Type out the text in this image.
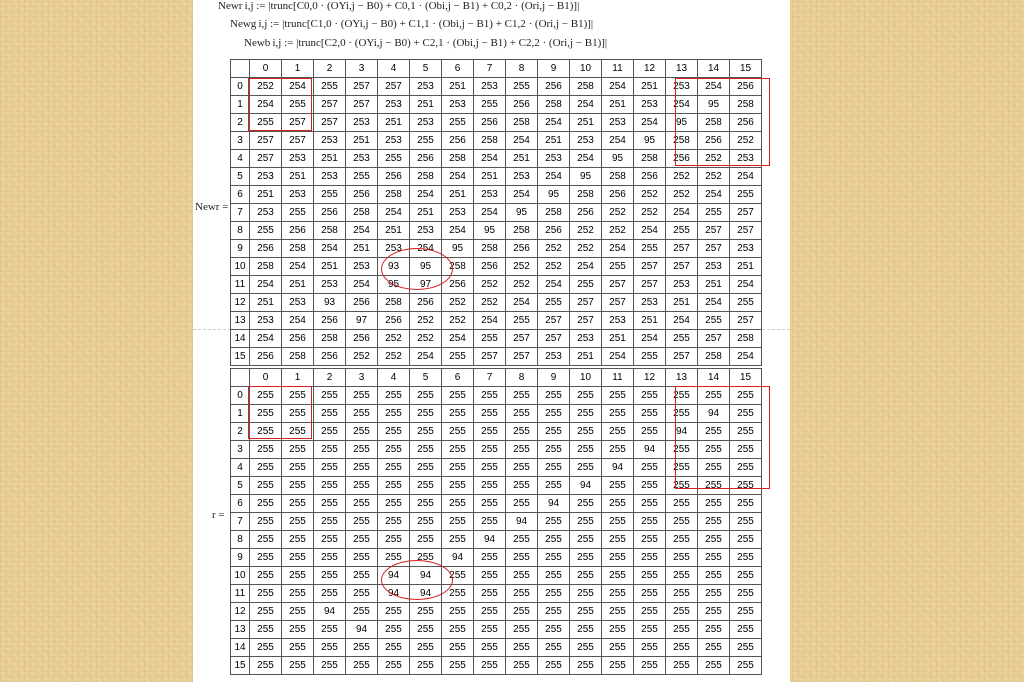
Newr i,j := |trunc[C0,0 · (OYi,j − B0) + C0,1 · (Obi,j − B1) + C0,2 · (Ori,j − B1)]|
Newg i,j := |trunc[C1,0 · (OYi,j − B0) + C1,1 · (Obi,j − B1) + C1,2 · (Ori,j − B1)]|
Newb i,j := |trunc[C2,0 · (OYi,j − B0) + C2,1 · (Obi,j − B1) + C2,2 · (Ori,j − B1)]|
Newr =
r =
	0	1	2	3	4	5	6	7	8	9	10	11	12	13	14	15
0	252	254	255	257	257	253	251	253	255	256	258	254	251	253	254	256
1	254	255	257	257	253	251	253	255	256	258	254	251	253	254	95	258
2	255	257	257	253	251	253	255	256	258	254	251	253	254	95	258	256
3	257	257	253	251	253	255	256	258	254	251	253	254	95	258	256	252
4	257	253	251	253	255	256	258	254	251	253	254	95	258	256	252	253
5	253	251	253	255	256	258	254	251	253	254	95	258	256	252	252	254
6	251	253	255	256	258	254	251	253	254	95	258	256	252	252	254	255
7	253	255	256	258	254	251	253	254	95	258	256	252	252	254	255	257
8	255	256	258	254	251	253	254	95	258	256	252	252	254	255	257	257
9	256	258	254	251	253	254	95	258	256	252	252	254	255	257	257	253
10	258	254	251	253	93	95	258	256	252	252	254	255	257	257	253	251
11	254	251	253	254	95	97	256	252	252	254	255	257	257	253	251	254
12	251	253	93	256	258	256	252	252	254	255	257	257	253	251	254	255
13	253	254	256	97	256	252	252	254	255	257	257	253	251	254	255	257
14	254	256	258	256	252	252	254	255	257	257	253	251	254	255	257	258
15	256	258	256	252	252	254	255	257	257	253	251	254	255	257	258	254
	0	1	2	3	4	5	6	7	8	9	10	11	12	13	14	15
0	255	255	255	255	255	255	255	255	255	255	255	255	255	255	255	255
1	255	255	255	255	255	255	255	255	255	255	255	255	255	255	94	255
2	255	255	255	255	255	255	255	255	255	255	255	255	255	94	255	255
3	255	255	255	255	255	255	255	255	255	255	255	255	94	255	255	255
4	255	255	255	255	255	255	255	255	255	255	255	94	255	255	255	255
5	255	255	255	255	255	255	255	255	255	255	94	255	255	255	255	255
6	255	255	255	255	255	255	255	255	255	94	255	255	255	255	255	255
7	255	255	255	255	255	255	255	255	94	255	255	255	255	255	255	255
8	255	255	255	255	255	255	255	94	255	255	255	255	255	255	255	255
9	255	255	255	255	255	255	94	255	255	255	255	255	255	255	255	255
10	255	255	255	255	94	94	255	255	255	255	255	255	255	255	255	255
11	255	255	255	255	94	94	255	255	255	255	255	255	255	255	255	255
12	255	255	94	255	255	255	255	255	255	255	255	255	255	255	255	255
13	255	255	255	94	255	255	255	255	255	255	255	255	255	255	255	255
14	255	255	255	255	255	255	255	255	255	255	255	255	255	255	255	255
15	255	255	255	255	255	255	255	255	255	255	255	255	255	255	255	255
